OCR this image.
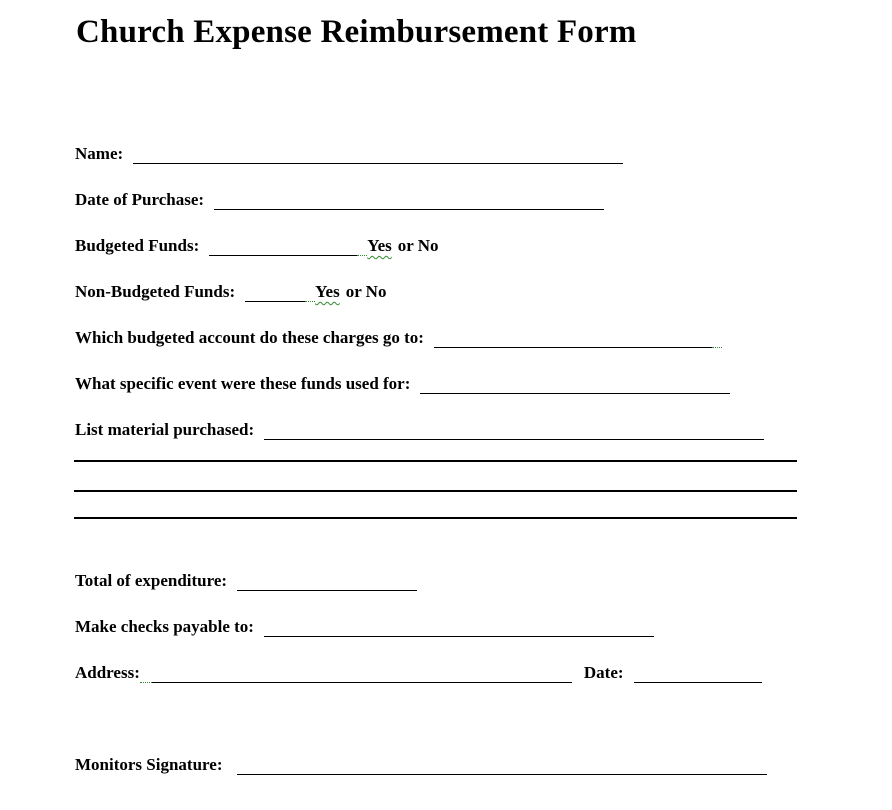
Church Expense Reimbursement Form
Name:
Date of Purchase:
Budgeted Funds:	Yes or No
Non-Budgeted Funds:	Yes or No
Which budgeted account do these charges go to:
What specific event were these funds used for:
List material purchased:
Total of expenditure:
Make checks payable to:
Address:	Date:
Monitors Signature:
